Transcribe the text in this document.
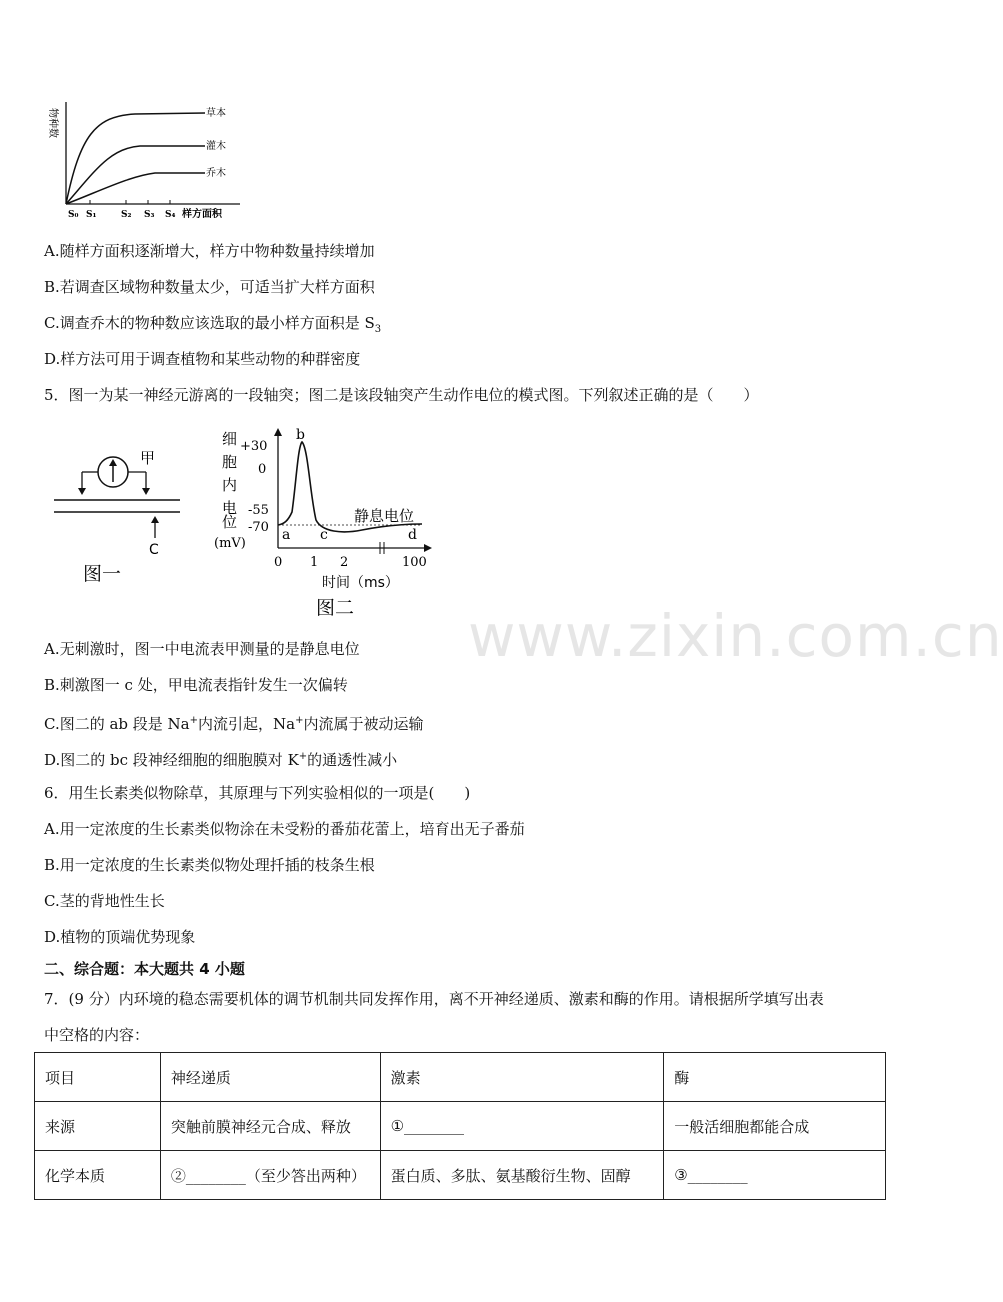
物种数	草本
灌木
乔木
S₀ S₁	S₂ S₃ S₄ 样方面积
A.随样方面积逐渐增大，样方中物种数量持续增加
B.若调查区域物种数量太少，可适当扩大样方面积
C.调查乔木的物种数应该选取的最小样方面积是 $S_3$
D.样方法可用于调查植物和某些动物的种群密度
5．图一为某一神经元游离的一段轴突；图二是该段轴突产生动作电位的模式图。下列叙述正确的是（　　）
甲
C
图一
细
胞
内
电
位
(mV)
+30
0
-55
-70 a
b
c	d
静息电位
0 1 2	100
时间（ms）
图二 www.zixin.com.cn
A.无刺激时，图一中电流表甲测量的是静息电位
B.刺激图一 c 处，甲电流表指针发生一次偏转
C.图二的 ab 段是 Na+内流引起，Na+内流属于被动运输
D.图二的 bc 段神经细胞的细胞膜对 K+的通透性减小
6．用生长素类似物除草，其原理与下列实验相似的一项是(　　)
A.用一定浓度的生长素类似物涂在未受粉的番茄花蕾上，培育出无子番茄
B.用一定浓度的生长素类似物处理扦插的枝条生根
C.茎的背地性生长
D.植物的顶端优势现象
二、综合题：本大题共 4 小题
7．(9 分）内环境的稳态需要机体的调节机制共同发挥作用，离不开神经递质、激素和酶的作用。请根据所学填写出表
中空格的内容：
项目	神经递质	激素	酶
来源	突触前膜神经元合成、释放	①________	一般活细胞都能合成
化学本质	②________（至少答出两种）	蛋白质、多肽、氨基酸衍生物、固醇	③________
